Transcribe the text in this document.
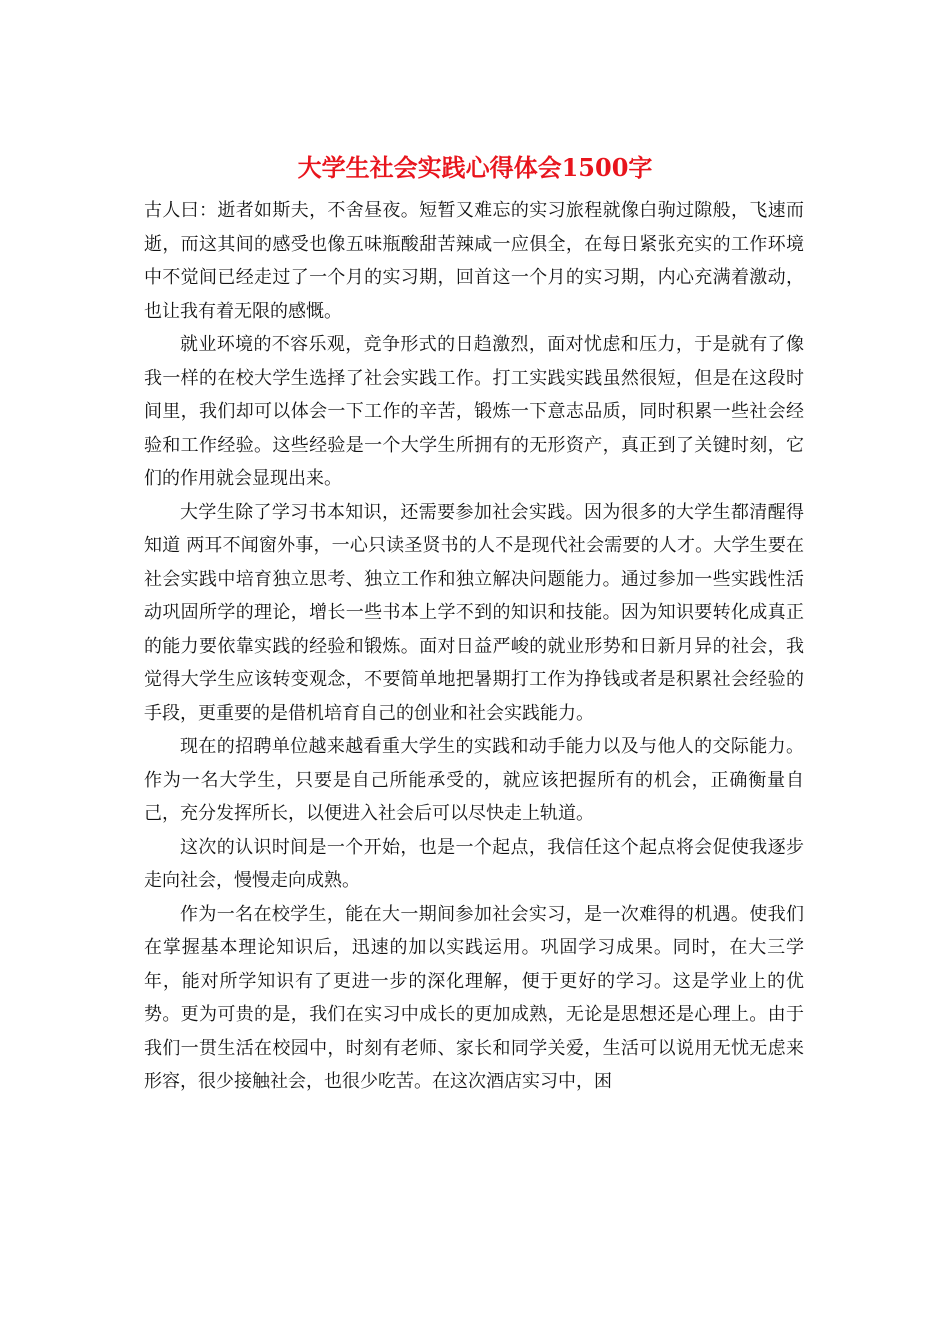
大学生社会实践心得体会1500字

古人曰：逝者如斯夫，不舍昼夜。短暂又难忘的实习旅程就像白驹过隙般，飞速而逝，而这其间的感受也像五味瓶酸甜苦辣咸一应俱全，在每日紧张充实的工作环境中不觉间已经走过了一个月的实习期，回首这一个月的实习期，内心充满着激动，也让我有着无限的感慨。

就业环境的不容乐观，竞争形式的日趋激烈，面对忧虑和压力，于是就有了像我一样的在校大学生选择了社会实践工作。打工实践实践虽然很短，但是在这段时间里，我们却可以体会一下工作的辛苦，锻炼一下意志品质，同时积累一些社会经验和工作经验。这些经验是一个大学生所拥有的无形资产，真正到了关键时刻，它们的作用就会显现出来。

大学生除了学习书本知识，还需要参加社会实践。因为很多的大学生都清醒得知道 两耳不闻窗外事，一心只读圣贤书的人不是现代社会需要的人才。大学生要在社会实践中培育独立思考、独立工作和独立解决问题能力。通过参加一些实践性活动巩固所学的理论，增长一些书本上学不到的知识和技能。因为知识要转化成真正的能力要依靠实践的经验和锻炼。面对日益严峻的就业形势和日新月异的社会，我觉得大学生应该转变观念，不要简单地把暑期打工作为挣钱或者是积累社会经验的手段，更重要的是借机培育自己的创业和社会实践能力。

现在的招聘单位越来越看重大学生的实践和动手能力以及与他人的交际能力。作为一名大学生，只要是自己所能承受的，就应该把握所有的机会，正确衡量自己，充分发挥所长，以便进入社会后可以尽快走上轨道。

这次的认识时间是一个开始，也是一个起点，我信任这个起点将会促使我逐步走向社会，慢慢走向成熟。

作为一名在校学生，能在大一期间参加社会实习，是一次难得的机遇。使我们在掌握基本理论知识后，迅速的加以实践运用。巩固学习成果。同时，在大三学年，能对所学知识有了更进一步的深化理解，便于更好的学习。这是学业上的优势。更为可贵的是，我们在实习中成长的更加成熟，无论是思想还是心理上。由于我们一贯生活在校园中，时刻有老师、家长和同学关爱，生活可以说用无忧无虑来形容，很少接触社会，也很少吃苦。在这次酒店实习中，困
